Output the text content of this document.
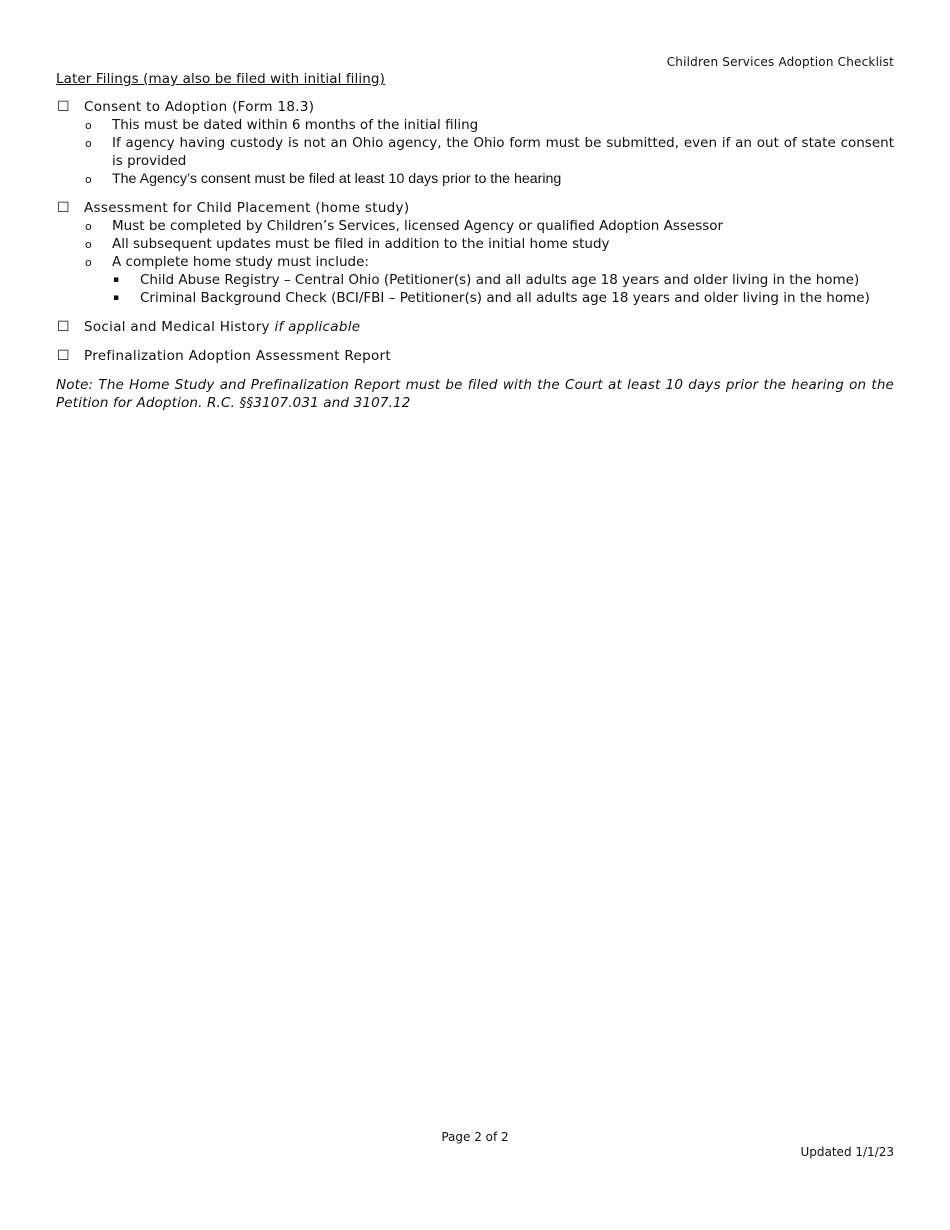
Children Services Adoption Checklist
Later Filings (may also be filed with initial filing)
☐ Consent to Adoption (Form 18.3)
o This must be dated within 6 months of the initial filing
o If agency having custody is not an Ohio agency, the Ohio form must be submitted, even if an out of state consent is provided
o The Agency’s consent must be filed at least 10 days prior to the hearing
☐ Assessment for Child Placement (home study)
o Must be completed by Children’s Services, licensed Agency or qualified Adoption Assessor
o All subsequent updates must be filed in addition to the initial home study
o A complete home study must include:
▪ Child Abuse Registry – Central Ohio (Petitioner(s) and all adults age 18 years and older living in the home)
▪ Criminal Background Check (BCI/FBI – Petitioner(s) and all adults age 18 years and older living in the home)
☐ Social and Medical History if applicable
☐ Prefinalization Adoption Assessment Report
Note: The Home Study and Prefinalization Report must be filed with the Court at least 10 days prior the hearing on the Petition for Adoption. R.C. §§3107.031 and 3107.12
Page 2 of 2
Updated 1/1/23
